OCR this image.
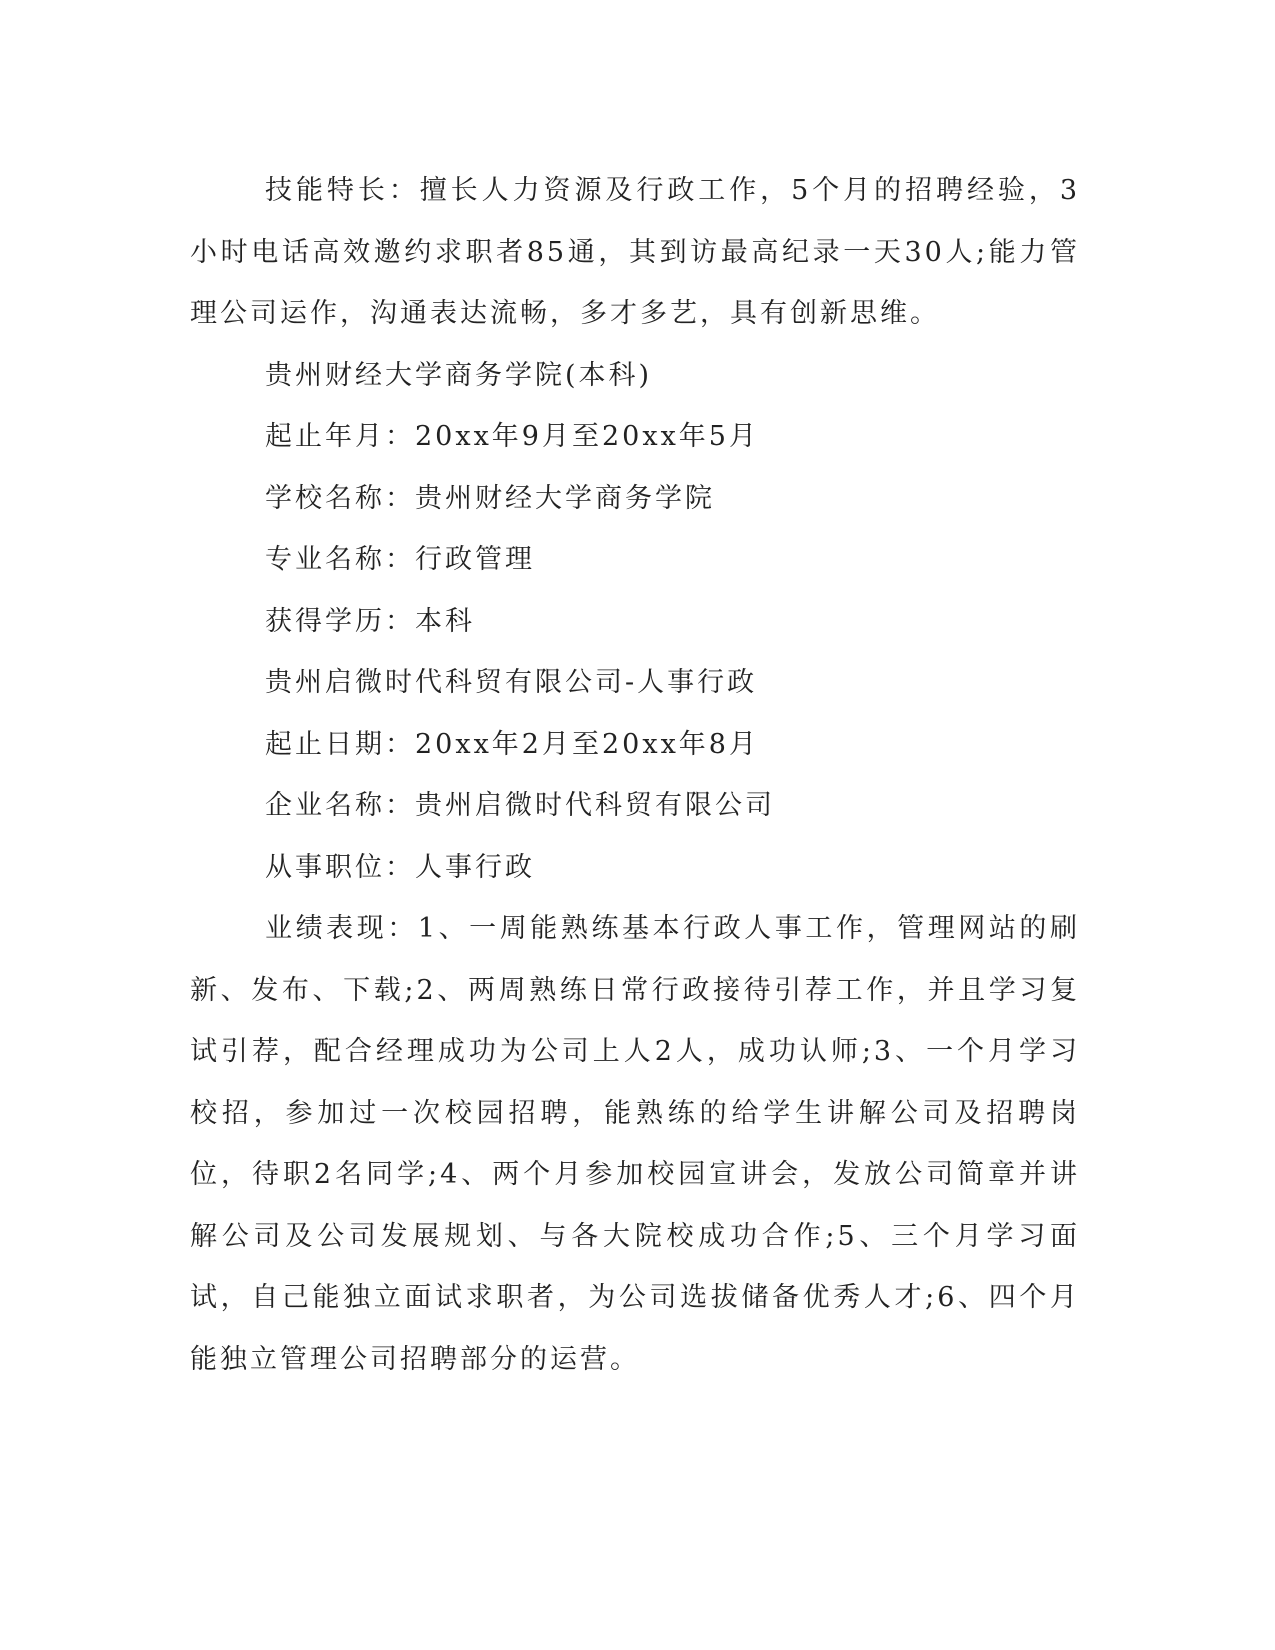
技能特长：擅长人力资源及行政工作，5个月的招聘经验，3小时电话高效邀约求职者85通，其到访最高纪录一天30人;能力管理公司运作，沟通表达流畅，多才多艺，具有创新思维。

贵州财经大学商务学院(本科)

起止年月：20xx年9月至20xx年5月

学校名称：贵州财经大学商务学院

专业名称：行政管理

获得学历：本科

贵州启微时代科贸有限公司-人事行政

起止日期：20xx年2月至20xx年8月

企业名称：贵州启微时代科贸有限公司

从事职位：人事行政

业绩表现：1、一周能熟练基本行政人事工作，管理网站的刷新、发布、下载;2、两周熟练日常行政接待引荐工作，并且学习复试引荐，配合经理成功为公司上人2人，成功认师;3、一个月学习校招，参加过一次校园招聘，能熟练的给学生讲解公司及招聘岗位，待职2名同学;4、两个月参加校园宣讲会，发放公司简章并讲解公司及公司发展规划、与各大院校成功合作;5、三个月学习面试，自己能独立面试求职者，为公司选拔储备优秀人才;6、四个月能独立管理公司招聘部分的运营。
